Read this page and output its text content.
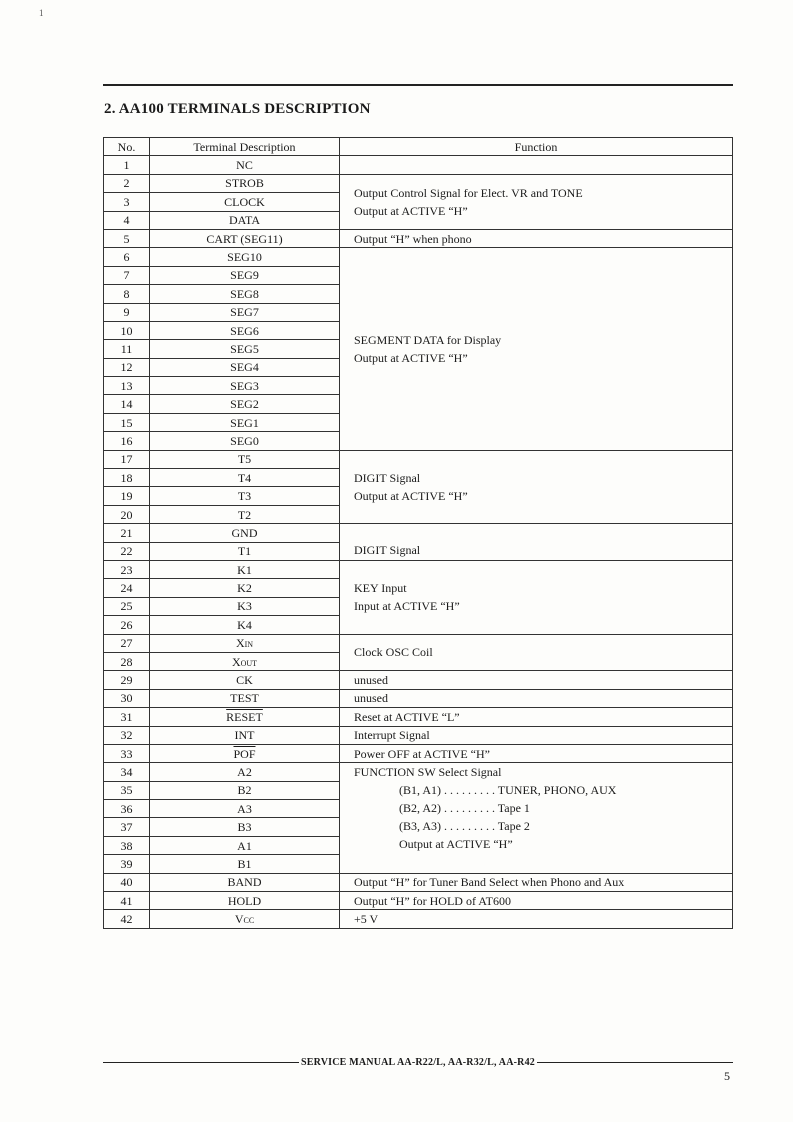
1
2. AA100 TERMINALS DESCRIPTION
No.	Terminal Description	Function
1	NC	
2	STROB	Output Control Signal for Elect. VR and TONE
Output at ACTIVE “H”

3	CLOCK	
4	DATA	
5	CART (SEG11)	Output “H” when phono
6	SEG10	SEGMENT DATA for Display
Output at ACTIVE “H”

7	SEG9	
8	SEG8	
9	SEG7	
10	SEG6	
11	SEG5	
12	SEG4	
13	SEG3	
14	SEG2	
15	SEG1	
16	SEG0	
17	T5	DIGIT Signal
Output at ACTIVE “H”

18	T4	
19	T3	
20	T2	
21	GND	DIGIT Signal

22	T1	
23	K1	KEY Input
Input at ACTIVE “H”

24	K2	
25	K3	
26	K4	
27	Xin	Clock OSC Coil
28	Xout	
29	CK	unused
30	TEST	unused
31	RESET	Reset at ACTIVE “L”
32	INT	Interrupt Signal
33	$\overline{POF}$	Power OFF at ACTIVE “H”
34	A2	FUNCTION SW Select Signal
(B1, A1) . . . . . . . . . TUNER, PHONO, AUX
(B2, A2) . . . . . . . . . Tape 1
(B3, A3) . . . . . . . . . Tape 2
Output at ACTIVE “H”

35	B2	
36	A3	
37	B3	
38	A1	
39	B1	
40	BAND	Output “H” for Tuner Band Select when Phono and Aux
41	HOLD	Output “H” for HOLD of AT600
42	Vcc	+5 V
SERVICE MANUAL AA-R22/L, AA-R32/L, AA-R42
5
